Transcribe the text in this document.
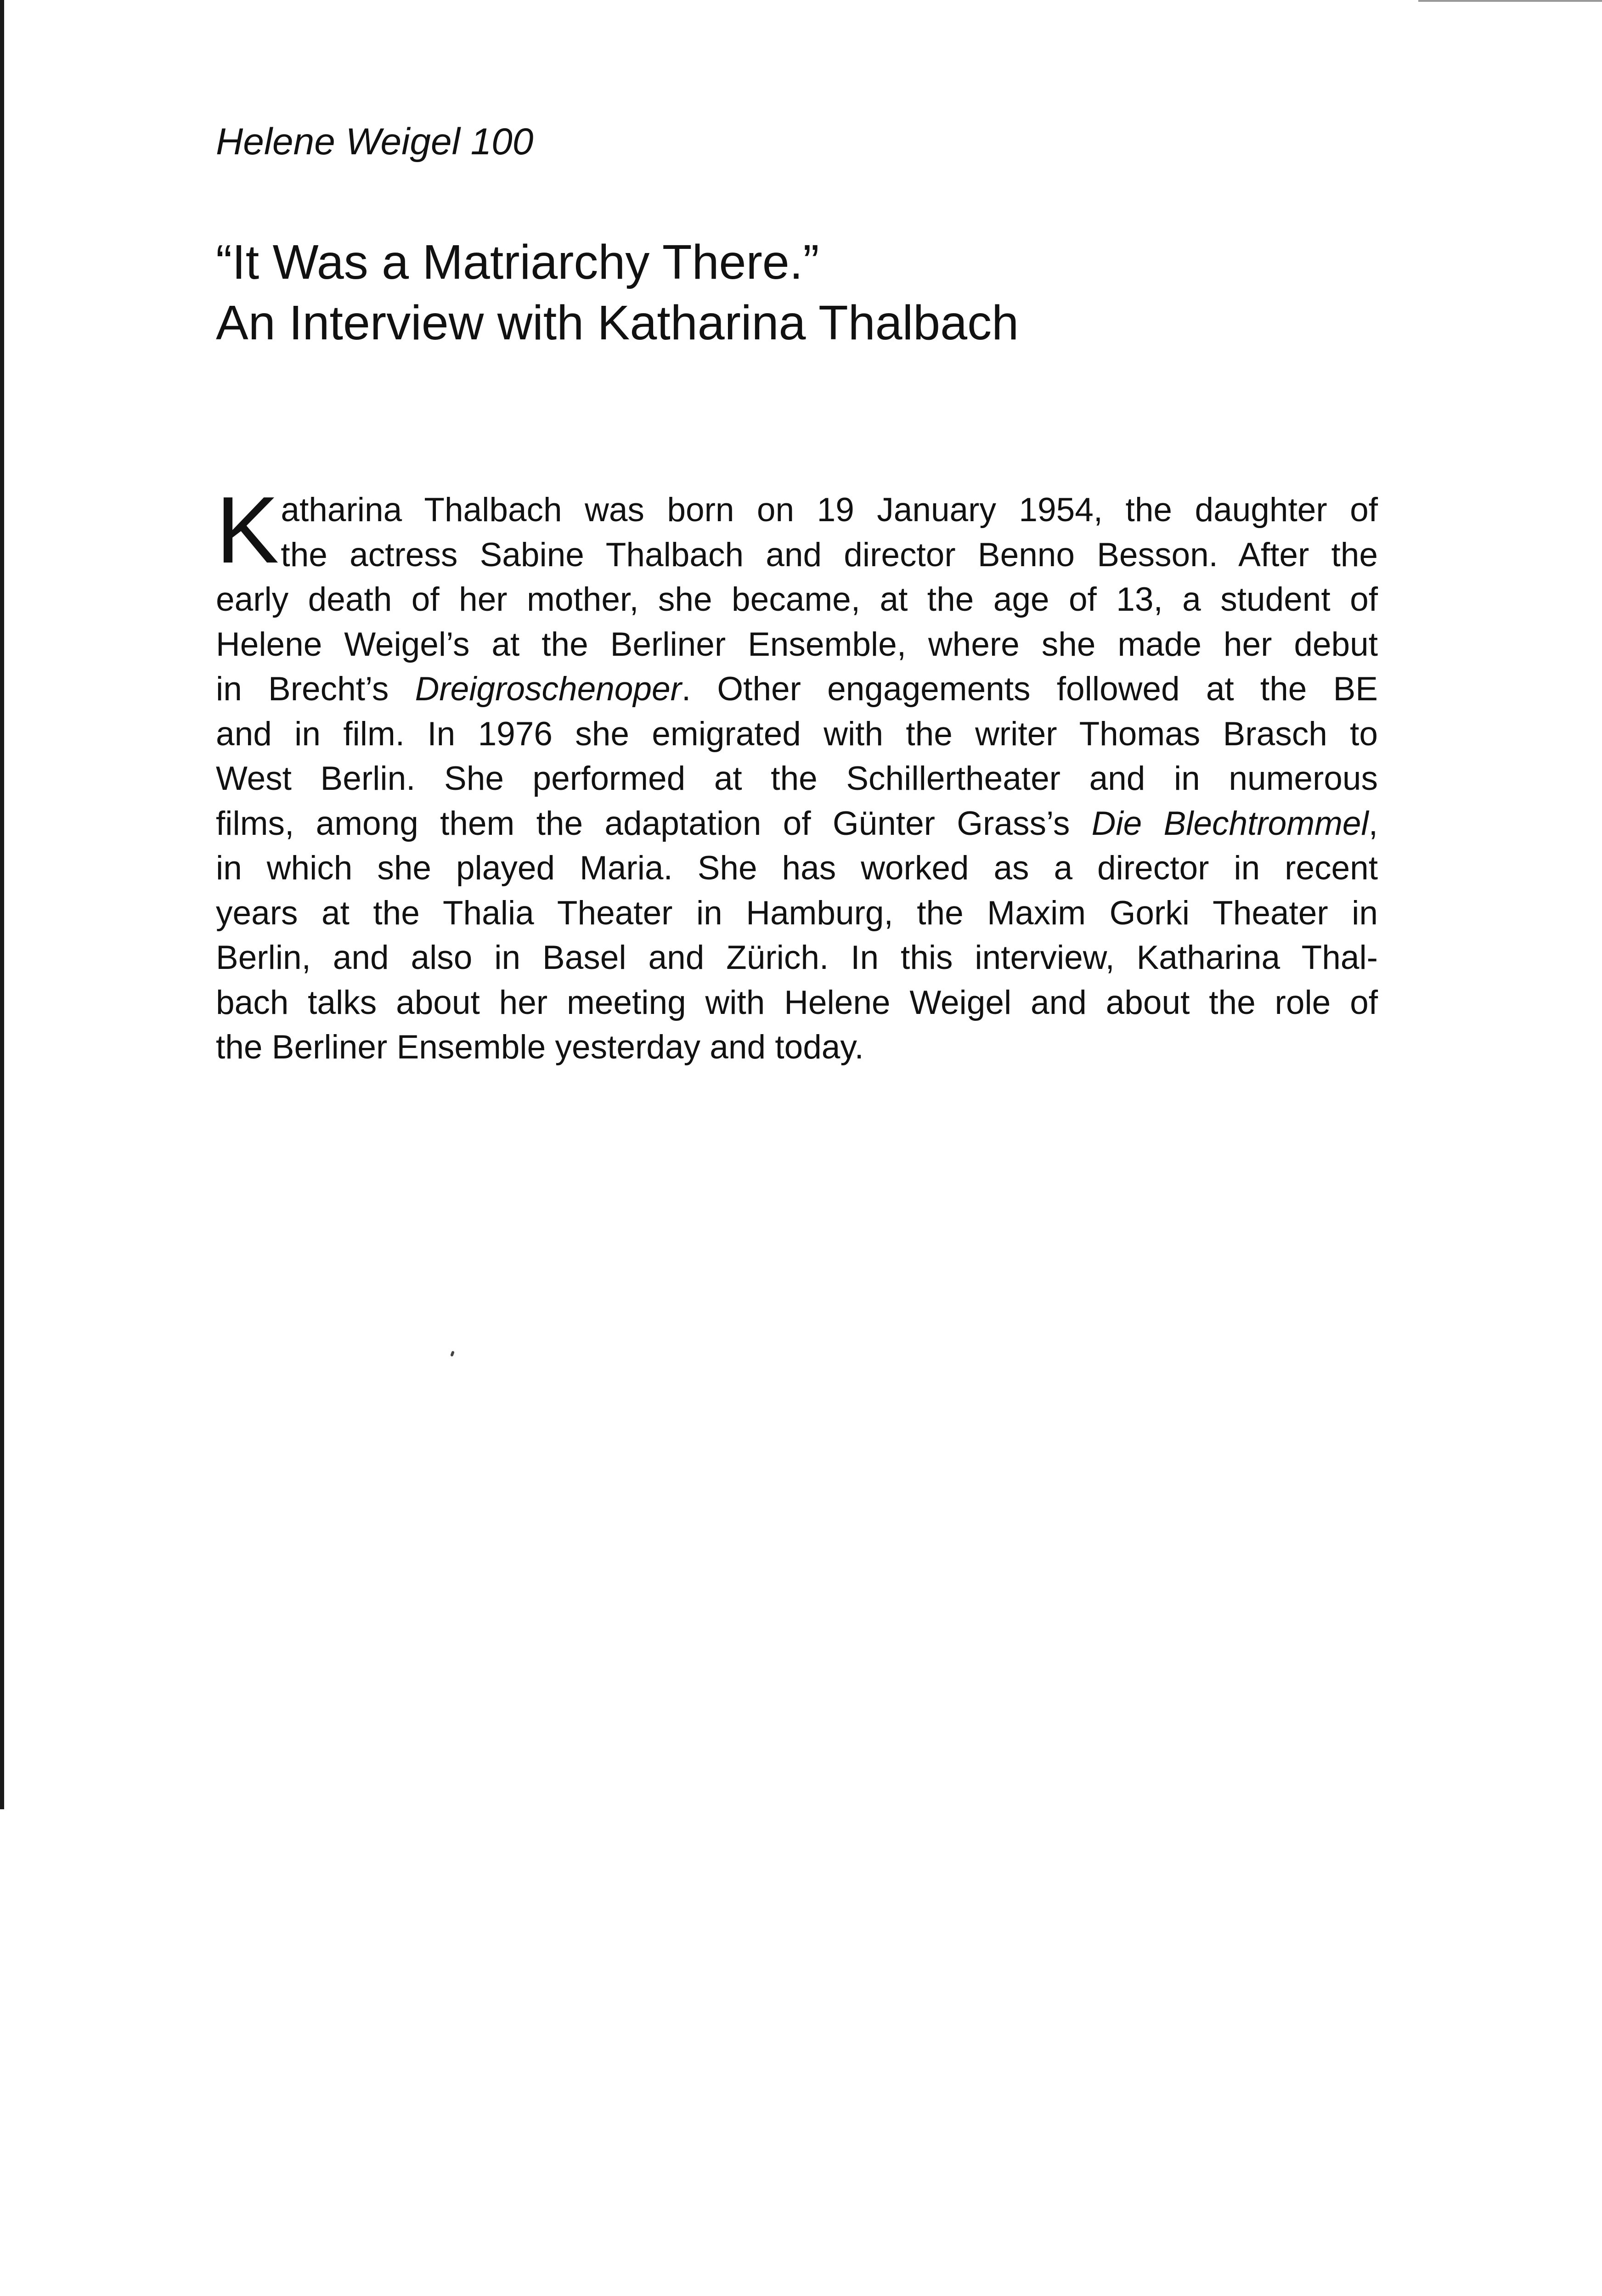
Helene Weigel 100
“It Was a Matriarchy There.”
An Interview with Katharina Thalbach
K atharina Thalbach was born on 19 January 1954, the daughter of
the actress Sabine Thalbach and director Benno Besson. After the
early death of her mother, she became, at the age of 13, a student of
Helene Weigel’s at the Berliner Ensemble, where she made her debut
in Brecht’s Dreigroschenoper. Other engagements followed at the BE
and in film. In 1976 she emigrated with the writer Thomas Brasch to
West Berlin. She performed at the Schillertheater and in numerous
films, among them the adaptation of Günter Grass’s Die Blechtrommel,
in which she played Maria. She has worked as a director in recent
years at the Thalia Theater in Hamburg, the Maxim Gorki Theater in
Berlin, and also in Basel and Zürich. In this interview, Katharina Thal-
bach talks about her meeting with Helene Weigel and about the role of
the Berliner Ensemble yesterday and today.
